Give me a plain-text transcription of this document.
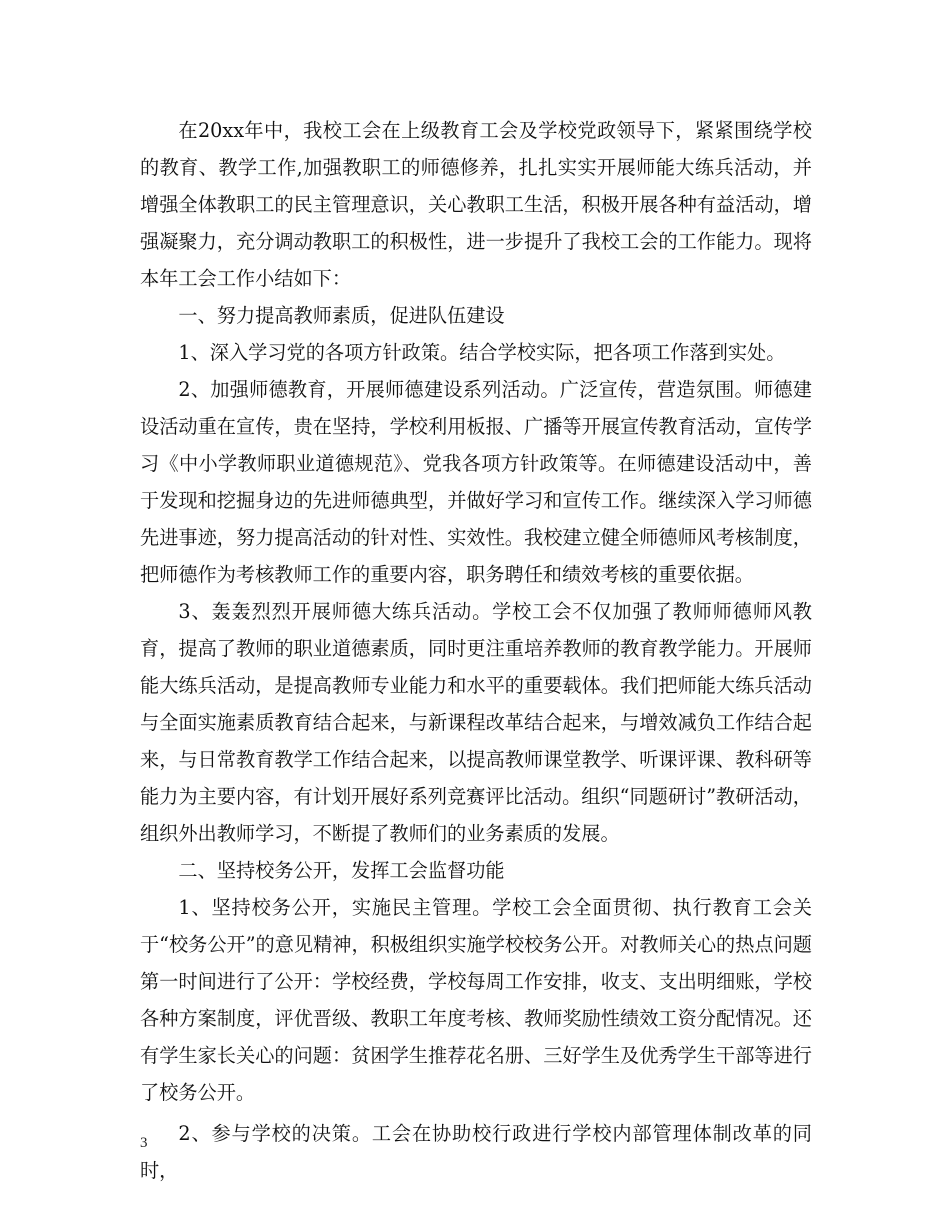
在20xx年中，我校工会在上级教育工会及学校党政领导下，紧紧围绕学校的教育、教学工作,加强教职工的师德修养，扎扎实实开展师能大练兵活动，并增强全体教职工的民主管理意识，关心教职工生活，积极开展各种有益活动，增强凝聚力，充分调动教职工的积极性，进一步提升了我校工会的工作能力。现将本年工会工作小结如下：

一、努力提高教师素质，促进队伍建设

1、深入学习党的各项方针政策。结合学校实际，把各项工作落到实处。

2、加强师德教育，开展师德建设系列活动。广泛宣传，营造氛围。师德建设活动重在宣传，贵在坚持，学校利用板报、广播等开展宣传教育活动，宣传学习《中小学教师职业道德规范》、党我各项方针政策等。在师德建设活动中，善于发现和挖掘身边的先进师德典型，并做好学习和宣传工作。继续深入学习师德先进事迹，努力提高活动的针对性、实效性。我校建立健全师德师风考核制度，把师德作为考核教师工作的重要内容，职务聘任和绩效考核的重要依据。

3、轰轰烈烈开展师德大练兵活动。学校工会不仅加强了教师师德师风教育，提高了教师的职业道德素质，同时更注重培养教师的教育教学能力。开展师能大练兵活动，是提高教师专业能力和水平的重要载体。我们把师能大练兵活动与全面实施素质教育结合起来，与新课程改革结合起来，与增效减负工作结合起来，与日常教育教学工作结合起来，以提高教师课堂教学、听课评课、教科研等能力为主要内容，有计划开展好系列竞赛评比活动。组织“同题研讨”教研活动，组织外出教师学习，不断提了教师们的业务素质的发展。

二、坚持校务公开，发挥工会监督功能

1、坚持校务公开，实施民主管理。学校工会全面贯彻、执行教育工会关于“校务公开”的意见精神，积极组织实施学校校务公开。对教师关心的热点问题第一时间进行了公开：学校经费，学校每周工作安排，收支、支出明细账，学校各种方案制度，评优晋级、教职工年度考核、教师奖励性绩效工资分配情况。还有学生家长关心的问题：贫困学生推荐花名册、三好学生及优秀学生干部等进行了校务公开。

2、参与学校的决策。工会在协助校行政进行学校内部管理体制改革的同时，

3
